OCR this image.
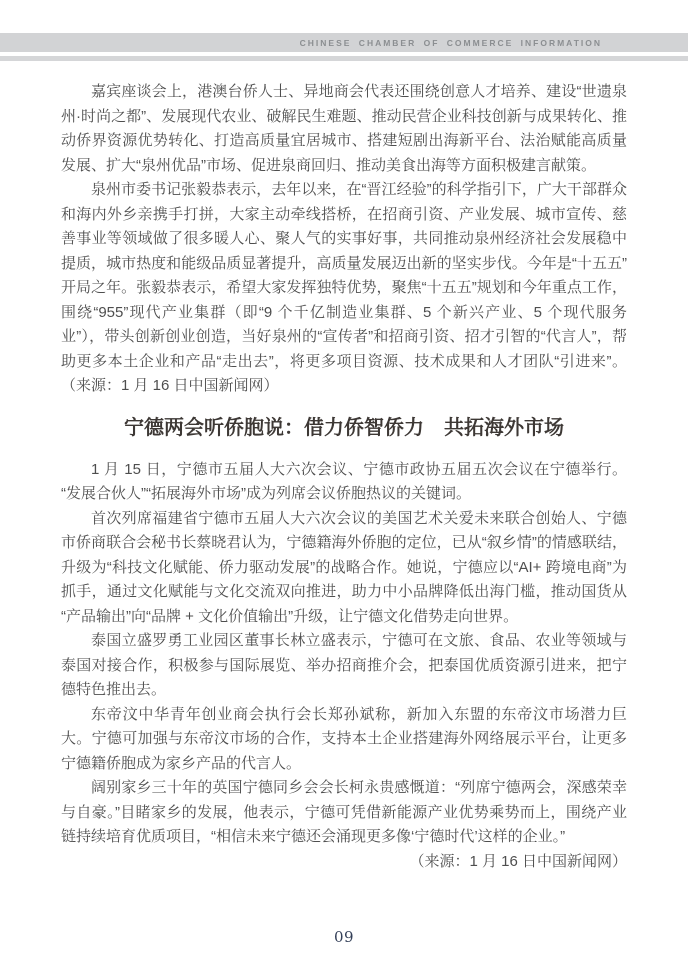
CHINESE CHAMBER OF COMMERCE INFORMATION

嘉宾座谈会上，港澳台侨人士、异地商会代表还围绕创意人才培养、建设“世遗泉州·时尚之都”、发展现代农业、破解民生难题、推动民营企业科技创新与成果转化、推动侨界资源优势转化、打造高质量宜居城市、搭建短剧出海新平台、法治赋能高质量发展、扩大“泉州优品”市场、促进泉商回归、推动美食出海等方面积极建言献策。

泉州市委书记张毅恭表示，去年以来，在“晋江经验”的科学指引下，广大干部群众和海内外乡亲携手打拼，大家主动牵线搭桥，在招商引资、产业发展、城市宣传、慈善事业等领域做了很多暖人心、聚人气的实事好事，共同推动泉州经济社会发展稳中提质，城市热度和能级品质显著提升，高质量发展迈出新的坚实步伐。今年是“十五五”开局之年。张毅恭表示，希望大家发挥独特优势，聚焦“十五五”规划和今年重点工作，围绕“955”现代产业集群（即“9 个千亿制造业集群、5 个新兴产业、5 个现代服务业”），带头创新创业创造，当好泉州的“宣传者”和招商引资、招才引智的“代言人”，帮助更多本土企业和产品“走出去”，将更多项目资源、技术成果和人才团队“引进来”。（来源：1 月 16 日中国新闻网）

宁德两会听侨胞说：借力侨智侨力　共拓海外市场

1 月 15 日，宁德市五届人大六次会议、宁德市政协五届五次会议在宁德举行。“发展合伙人”“拓展海外市场”成为列席会议侨胞热议的关键词。

首次列席福建省宁德市五届人大六次会议的美国艺术关爱未来联合创始人、宁德市侨商联合会秘书长蔡晓君认为，宁德籍海外侨胞的定位，已从“叙乡情”的情感联结，升级为“科技文化赋能、侨力驱动发展”的战略合作。她说，宁德应以“AI+ 跨境电商”为抓手，通过文化赋能与文化交流双向推进，助力中小品牌降低出海门槛，推动国货从“产品输出”向“品牌 + 文化价值输出”升级，让宁德文化借势走向世界。

泰国立盛罗勇工业园区董事长林立盛表示，宁德可在文旅、食品、农业等领域与泰国对接合作，积极参与国际展览、举办招商推介会，把泰国优质资源引进来，把宁德特色推出去。

东帝汶中华青年创业商会执行会长郑孙斌称，新加入东盟的东帝汶市场潜力巨大。宁德可加强与东帝汶市场的合作，支持本土企业搭建海外网络展示平台，让更多宁德籍侨胞成为家乡产品的代言人。

阔别家乡三十年的英国宁德同乡会会长柯永贵感慨道：“列席宁德两会，深感荣幸与自豪。”目睹家乡的发展，他表示，宁德可凭借新能源产业优势乘势而上，围绕产业链持续培育优质项目，“相信未来宁德还会涌现更多像‘宁德时代’这样的企业。”

（来源：1 月 16 日中国新闻网）

09
